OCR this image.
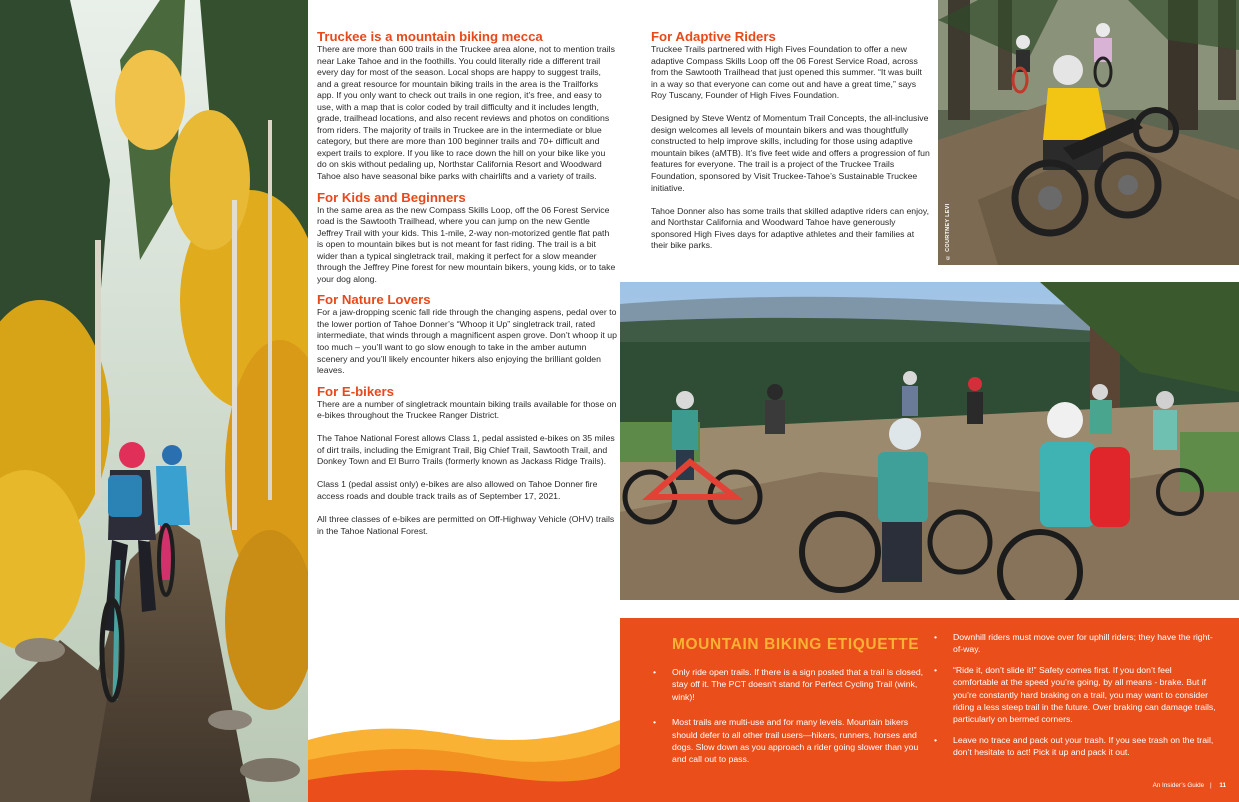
Truckee is a mountain biking mecca

There are more than 600 trails in the Truckee area alone, not to mention trails near Lake Tahoe and in the foothills. You could literally ride a different trail every day for most of the season. Local shops are happy to suggest trails, and a great resource for mountain biking trails in the area is the Trailforks app. If you only want to check out trails in one region, it’s free, and easy to use, with a map that is color coded by trail difficulty and it includes length, grade, trailhead locations, and also recent reviews and photos on conditions from riders. The majority of trails in Truckee are in the intermediate or blue category, but there are more than 100 beginner trails and 70+ difficult and expert trails to explore. If you like to race down the hill on your bike like you do on skis without pedaling up, Northstar California Resort and Woodward Tahoe also have seasonal bike parks with chairlifts and a variety of trails.

For Kids and Beginners

In the same area as the new Compass Skills Loop, off the 06 Forest Service road is the Sawtooth Trailhead, where you can jump on the new Gentle Jeffrey Trail with your kids. This 1-mile, 2-way non-motorized gentle flat path is open to mountain bikes but is not meant for fast riding. The trail is a bit wider than a typical singletrack trail, making it perfect for a slow meander through the Jeffrey Pine forest for new mountain bikers, young kids, or to take your dog along.

For Nature Lovers

For a jaw-dropping scenic fall ride through the changing aspens, pedal over to the lower portion of Tahoe Donner’s “Whoop it Up” singletrack trail, rated intermediate, that winds through a magnificent aspen grove. Don’t whoop it up too much – you’ll want to go slow enough to take in the amber autumn scenery and you’ll likely encounter hikers also enjoying the brilliant golden leaves.

For E-bikers

There are a number of singletrack mountain biking trails available for those on e-bikes throughout the Truckee Ranger District.

The Tahoe National Forest allows Class 1, pedal assisted e-bikes on 35 miles of dirt trails, including the Emigrant Trail, Big Chief Trail, Sawtooth Trail, and Donkey Town and El Burro Trails (formerly known as Jackass Ridge Trails).

Class 1 (pedal assist only) e-bikes are also allowed on Tahoe Donner fire access roads and double track trails as of September 17, 2021.

All three classes of e-bikes are permitted on Off-Highway Vehicle (OHV) trails in the Tahoe National Forest.

For Adaptive Riders

Truckee Trails partnered with High Fives Foundation to offer a new adaptive Compass Skills Loop off the 06 Forest Service Road, across from the Sawtooth Trailhead that just opened this summer. “It was built in a way so that everyone can come out and have a great time,” says Roy Tuscany, Founder of High Fives Foundation.

Designed by Steve Wentz of Momentum Trail Concepts, the all-inclusive design welcomes all levels of mountain bikers and was thoughtfully constructed to help improve skills, including for those using adaptive mountain bikes (aMTB). It’s five feet wide and offers a progression of fun features for everyone. The trail is a project of the Truckee Trails Foundation, sponsored by Visit Truckee-Tahoe’s Sustainable Truckee initiative.

Tahoe Donner also has some trails that skilled adaptive riders can enjoy, and Northstar California and Woodward Tahoe have generously sponsored High Fives days for adaptive athletes and their families at their bike parks.	© COURTNEY LEVI
MOUNTAIN BIKING ETIQUETTE
• Only ride open trails. If there is a sign posted that a trail is closed, stay off it. The PCT doesn’t stand for Perfect Cycling Trail (wink, wink)!
• Most trails are multi-use and for many levels. Mountain bikers should defer to all other trail users—hikers, runners, horses and dogs. Slow down as you approach a rider going slower than you and call out to pass.
• Downhill riders must move over for uphill riders; they have the right-of-way.
• “Ride it, don’t slide it!” Safety comes first. If you don’t feel comfortable at the speed you’re going, by all means - brake. But if you’re constantly hard braking on a trail, you may want to consider riding a less steep trail in the future. Over braking can damage trails, particularly on bermed corners.
• Leave no trace and pack out your trash. If you see trash on the trail, don’t hesitate to act! Pick it up and pack it out.
An Insider’s Guide | 11
